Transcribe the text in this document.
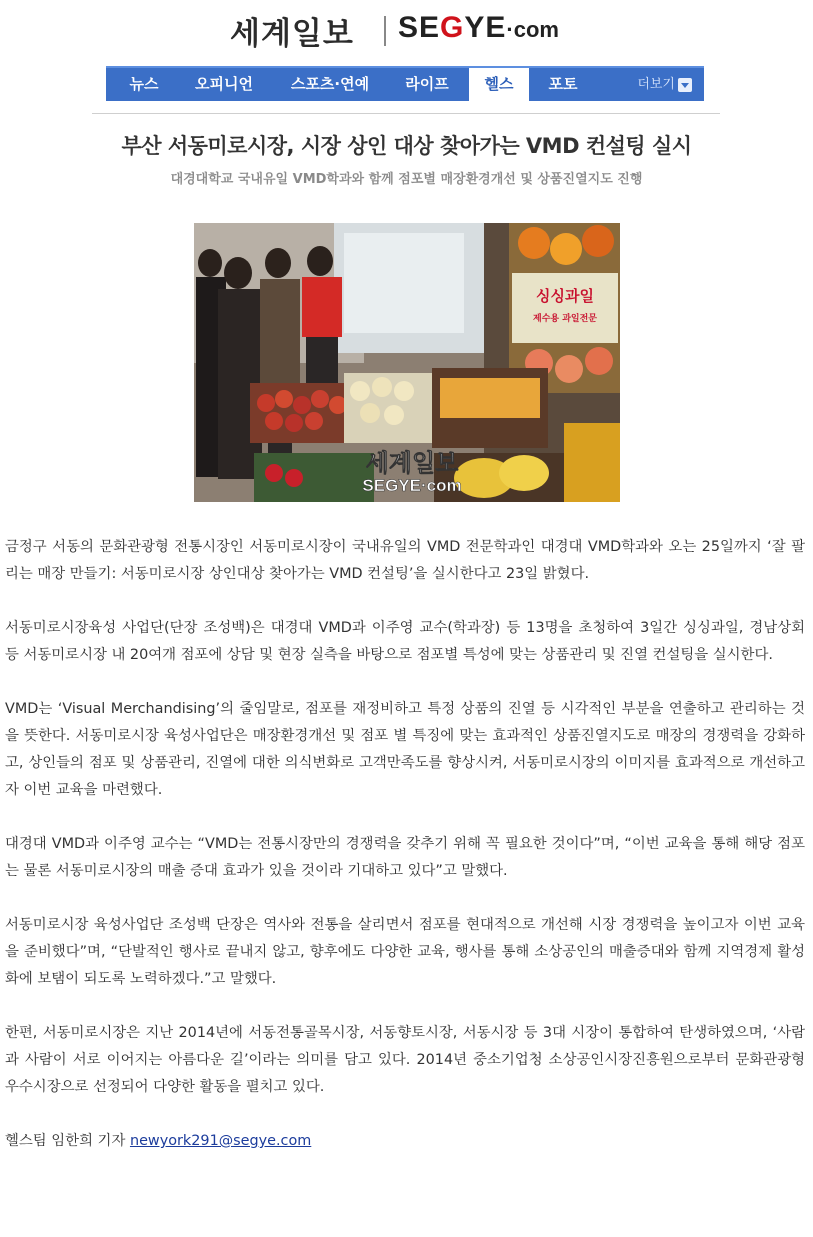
세계일보 SEGYE·com
뉴스	오피니언	스포츠·연예	라이프	헬스	포토	더보기
부산 서동미로시장, 시장 상인 대상 찾아가는 VMD 컨설팅 실시
대경대학교 국내유일 VMD학과와 함께 점포별 매장환경개선 및 상품진열지도 진행
싱싱과일
제수용 과일전문
세계일보
SEGYE·com

금정구 서동의 문화관광형 전통시장인 서동미로시장이 국내유일의 VMD 전문학과인 대경대 VMD학과와 오는 25일까지 ‘잘 팔리는 매장 만들기: 서동미로시장 상인대상 찾아가는 VMD 컨설팅’을 실시한다고 23일 밝혔다.

서동미로시장육성 사업단(단장 조성백)은 대경대 VMD과 이주영 교수(학과장) 등 13명을 초청하여 3일간 싱싱과일, 경남상회 등 서동미로시장 내 20여개 점포에 상담 및 현장 실측을 바탕으로 점포별 특성에 맞는 상품관리 및 진열 컨설팅을 실시한다.

VMD는 ‘Visual Merchandising’의 줄임말로, 점포를 재정비하고 특정 상품의 진열 등 시각적인 부분을 연출하고 관리하는 것을 뜻한다. 서동미로시장 육성사업단은 매장환경개선 및 점포 별 특징에 맞는 효과적인 상품진열지도로 매장의 경쟁력을 강화하고, 상인들의 점포 및 상품관리, 진열에 대한 의식변화로 고객만족도를 향상시켜, 서동미로시장의 이미지를 효과적으로 개선하고자 이번 교육을 마련했다.

대경대 VMD과 이주영 교수는 “VMD는 전통시장만의 경쟁력을 갖추기 위해 꼭 필요한 것이다”며, “이번 교육을 통해 해당 점포는 물론 서동미로시장의 매출 증대 효과가 있을 것이라 기대하고 있다”고 말했다.

서동미로시장 육성사업단 조성백 단장은 역사와 전통을 살리면서 점포를 현대적으로 개선해 시장 경쟁력을 높이고자 이번 교육을 준비했다”며, “단발적인 행사로 끝내지 않고, 향후에도 다양한 교육, 행사를 통해 소상공인의 매출증대와 함께 지역경제 활성화에 보탬이 되도록 노력하겠다.”고 말했다.

한편, 서동미로시장은 지난 2014년에 서동전통골목시장, 서동향토시장, 서동시장 등 3대 시장이 통합하여 탄생하였으며, ‘사람과 사람이 서로 이어지는 아름다운 길’이라는 의미를 담고 있다. 2014년 중소기업청 소상공인시장진흥원으로부터 문화관광형 우수시장으로 선정되어 다양한 활동을 펼치고 있다.

헬스팀 임한희 기자 newyork291@segye.com
